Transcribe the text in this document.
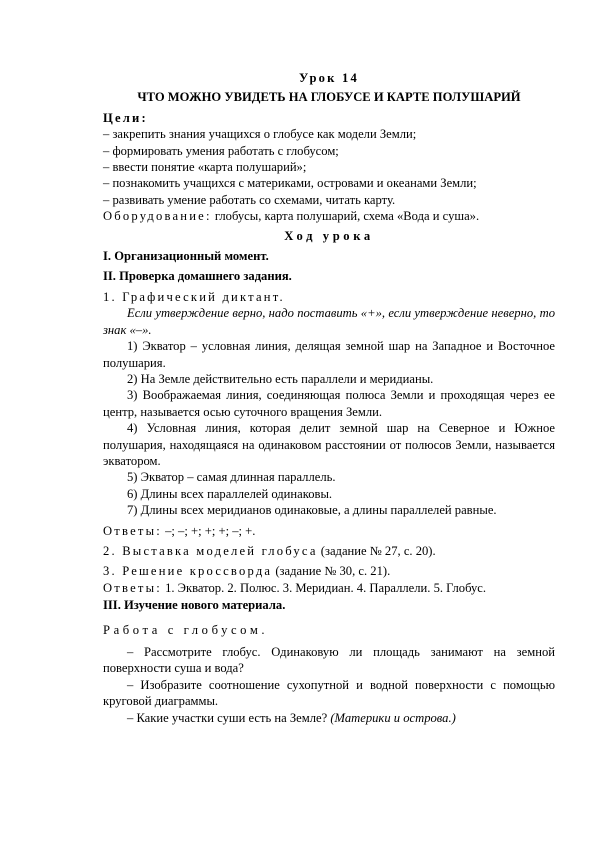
Урок 14
ЧТО МОЖНО УВИДЕТЬ НА ГЛОБУСЕ И КАРТЕ ПОЛУШАРИЙ
Цели:
– закрепить знания учащихся о глобусе как модели Земли;
– формировать умения работать с глобусом;
– ввести понятие «карта полушарий»;
– познакомить учащихся с материками, островами и океанами Земли;
– развивать умение работать со схемами, читать карту.
Оборудование: глобусы, карта полушарий, схема «Вода и суша».
Ход урока
I. Организационный момент.
II. Проверка домашнего задания.
1. Графический диктант.

Если утверждение верно, надо поставить «+», если утверждение неверно, то знак «–».

1) Экватор – условная линия, делящая земной шар на Западное и Восточное полушария.

2) На Земле действительно есть параллели и меридианы.

3) Воображаемая линия, соединяющая полюса Земли и проходящая через ее центр, называется осью суточного вращения Земли.

4) Условная линия, которая делит земной шар на Северное и Южное полушария, находящаяся на одинаковом расстоянии от полюсов Земли, называется экватором.

5) Экватор – самая длинная параллель.

6) Длины всех параллелей одинаковы.

7) Длины всех меридианов одинаковые, а длины параллелей равные.

Ответы: –; –; +; +; +; –; +.
2. Выставка моделей глобуса (задание № 27, с. 20).
3. Решение кроссворда (задание № 30, с. 21).
Ответы: 1. Экватор. 2. Полюс. 3. Меридиан. 4. Параллели. 5. Глобус.
III. Изучение нового материала.
Работа с глобусом.

– Рассмотрите глобус. Одинаковую ли площадь занимают на земной поверхности суша и вода?

– Изобразите соотношение сухопутной и водной поверхности с помощью круговой диаграммы.

– Какие участки суши есть на Земле? (Материки и острова.)
